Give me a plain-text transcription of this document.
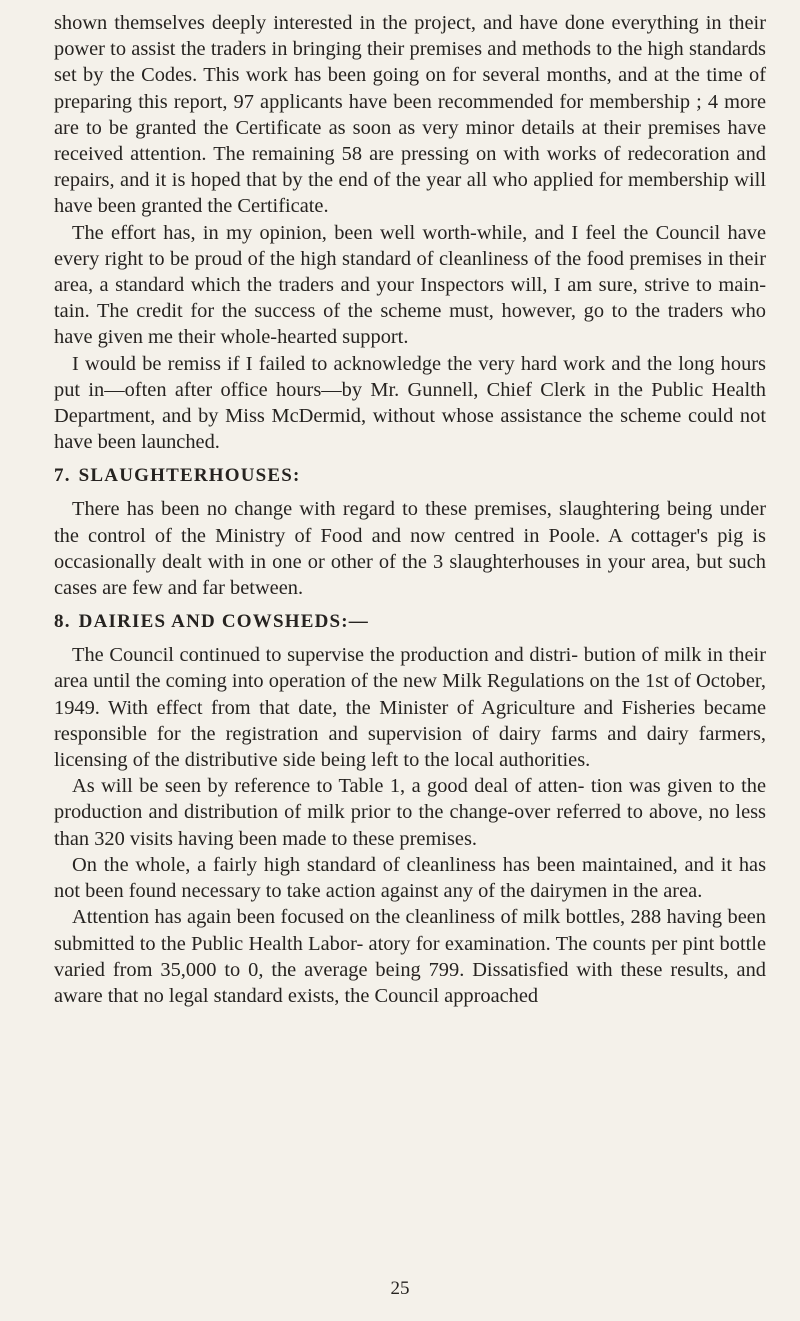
shown themselves deeply interested in the project, and have done everything in their power to assist the traders in bringing their premises and methods to the high standards set by the Codes. This work has been going on for several months, and at the time of preparing this report, 97 applicants have been recommended for membership ; 4 more are to be granted the Certificate as soon as very minor details at their premises have received attention. The remaining 58 are pressing on with works of redecoration and repairs, and it is hoped that by the end of the year all who applied for membership will have been granted the Certificate.

The effort has, in my opinion, been well worth-while, and I feel the Council have every right to be proud of the high standard of cleanliness of the food premises in their area, a standard which the traders and your Inspectors will, I am sure, strive to main- tain. The credit for the success of the scheme must, however, go to the traders who have given me their whole-hearted support.

I would be remiss if I failed to acknowledge the very hard work and the long hours put in—often after office hours—by Mr. Gunnell, Chief Clerk in the Public Health Department, and by Miss McDermid, without whose assistance the scheme could not have been launched.

7. SLAUGHTERHOUSES:

There has been no change with regard to these premises, slaughtering being under the control of the Ministry of Food and now centred in Poole. A cottager's pig is occasionally dealt with in one or other of the 3 slaughterhouses in your area, but such cases are few and far between.

8. DAIRIES AND COWSHEDS:—

The Council continued to supervise the production and distri- bution of milk in their area until the coming into operation of the new Milk Regulations on the 1st of October, 1949. With effect from that date, the Minister of Agriculture and Fisheries became responsible for the registration and supervision of dairy farms and dairy farmers, licensing of the distributive side being left to the local authorities.

As will be seen by reference to Table 1, a good deal of atten- tion was given to the production and distribution of milk prior to the change-over referred to above, no less than 320 visits having been made to these premises.

On the whole, a fairly high standard of cleanliness has been maintained, and it has not been found necessary to take action against any of the dairymen in the area.

Attention has again been focused on the cleanliness of milk bottles, 288 having been submitted to the Public Health Labor- atory for examination. The counts per pint bottle varied from 35,000 to 0, the average being 799. Dissatisfied with these results, and aware that no legal standard exists, the Council approached

25
